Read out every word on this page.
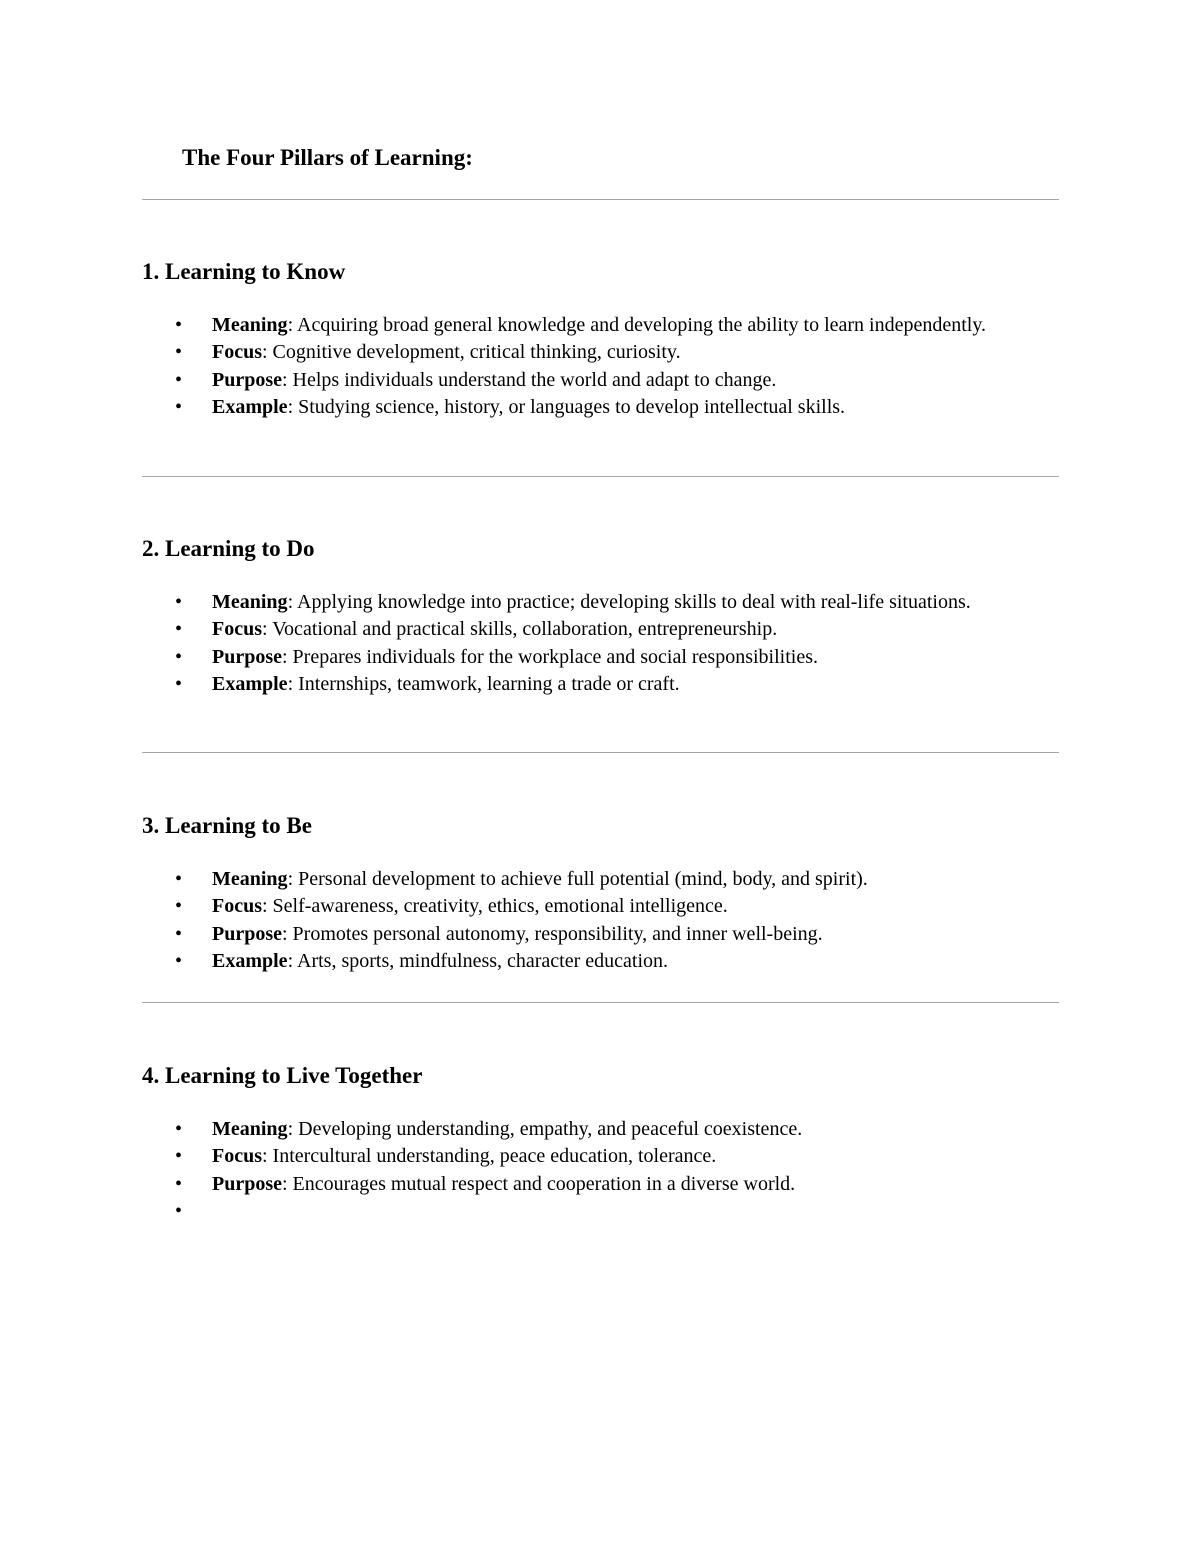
The Four Pillars of Learning:
1. Learning to Know
• Meaning: Acquiring broad general knowledge and developing the ability to learn independently.
• Focus: Cognitive development, critical thinking, curiosity.
• Purpose: Helps individuals understand the world and adapt to change.
• Example: Studying science, history, or languages to develop intellectual skills.
2. Learning to Do
• Meaning: Applying knowledge into practice; developing skills to deal with real-life situations.
• Focus: Vocational and practical skills, collaboration, entrepreneurship.
• Purpose: Prepares individuals for the workplace and social responsibilities.
• Example: Internships, teamwork, learning a trade or craft.
3. Learning to Be
• Meaning: Personal development to achieve full potential (mind, body, and spirit).
• Focus: Self-awareness, creativity, ethics, emotional intelligence.
• Purpose: Promotes personal autonomy, responsibility, and inner well-being.
• Example: Arts, sports, mindfulness, character education.
4. Learning to Live Together
• Meaning: Developing understanding, empathy, and peaceful coexistence.
• Focus: Intercultural understanding, peace education, tolerance.
• Purpose: Encourages mutual respect and cooperation in a diverse world.
•
